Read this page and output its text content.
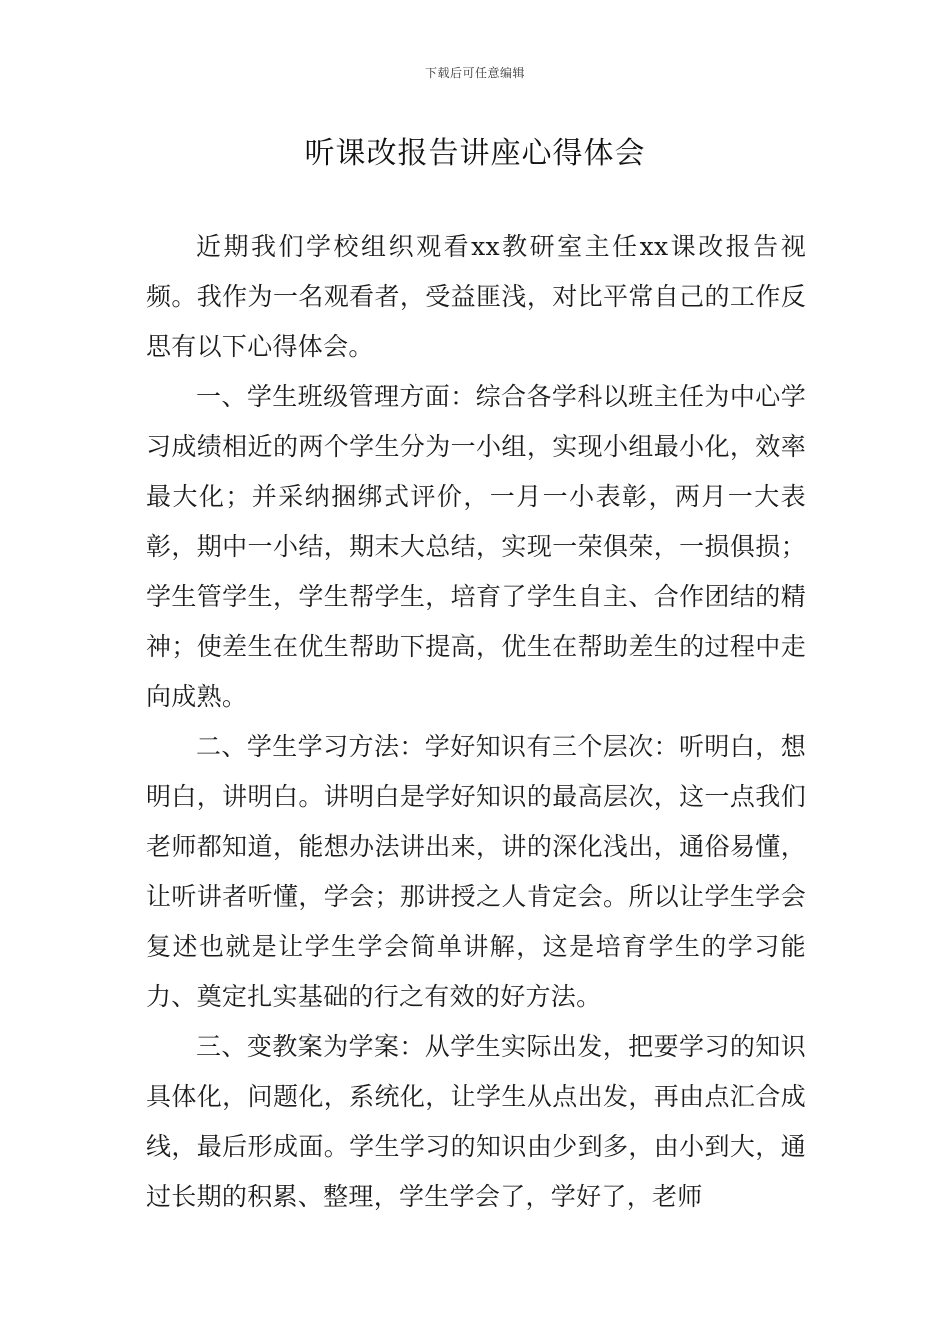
下载后可任意编辑
听课改报告讲座心得体会

近期我们学校组织观看xx教研室主任xx课改报告视频。我作为一名观看者，受益匪浅，对比平常自己的工作反思有以下心得体会。

一、学生班级管理方面：综合各学科以班主任为中心学习成绩相近的两个学生分为一小组，实现小组最小化，效率最大化；并采纳捆绑式评价，一月一小表彰，两月一大表彰，期中一小结，期末大总结，实现一荣俱荣，一损俱损；学生管学生，学生帮学生，培育了学生自主、合作团结的精神；使差生在优生帮助下提高，优生在帮助差生的过程中走向成熟。

二、学生学习方法：学好知识有三个层次：听明白，想明白，讲明白。讲明白是学好知识的最高层次，这一点我们老师都知道，能想办法讲出来，讲的深化浅出，通俗易懂，让听讲者听懂，学会；那讲授之人肯定会。所以让学生学会复述也就是让学生学会简单讲解，这是培育学生的学习能力、奠定扎实基础的行之有效的好方法。

三、变教案为学案：从学生实际出发，把要学习的知识具体化，问题化，系统化，让学生从点出发，再由点汇合成线，最后形成面。学生学习的知识由少到多，由小到大，通过长期的积累、整理，学生学会了，学好了，老师
